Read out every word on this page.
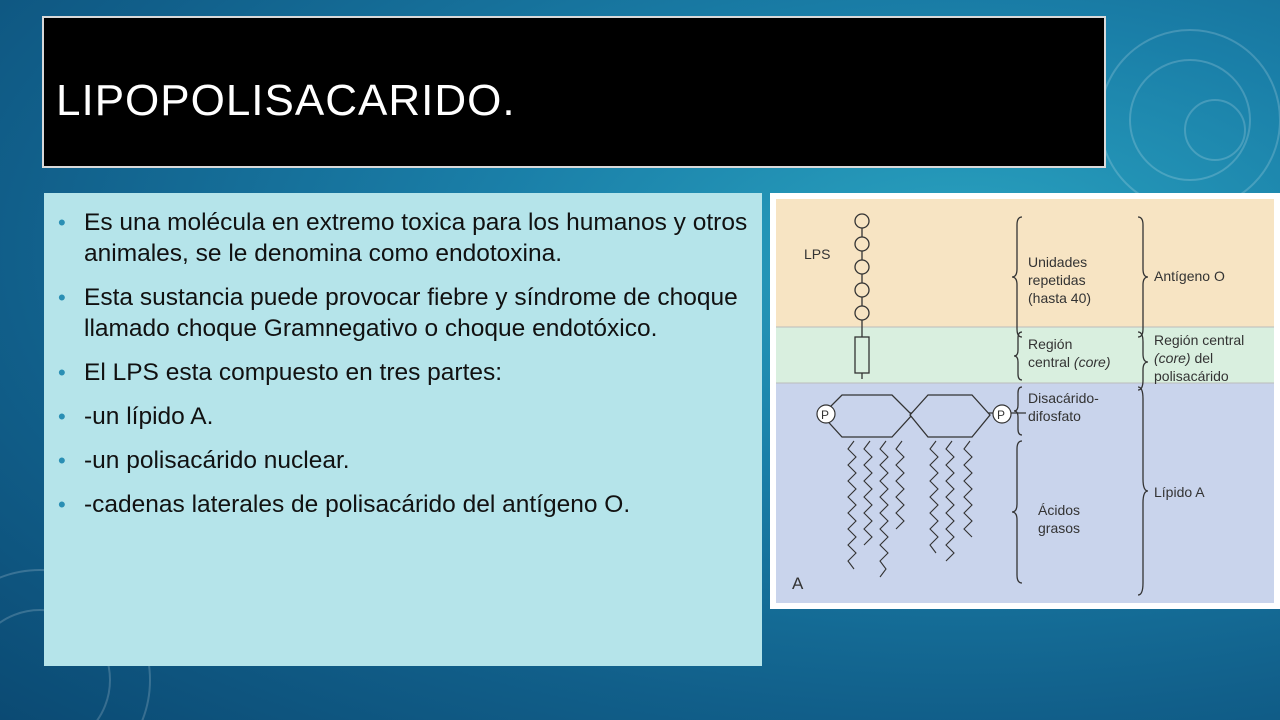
LIPOPOLISACARIDO.
• Es una molécula en extremo toxica para los humanos y otros animales, se le denomina como endotoxina.
• Esta sustancia puede provocar fiebre y síndrome de choque llamado choque Gramnegativo o choque endotóxico.
• El LPS esta compuesto en tres partes:
• -un lípido A.
• -un polisacárido nuclear.
• -cadenas laterales de polisacárido del antígeno O.
LPS
P	P
Unidades
repetidas
(hasta 40)
Región
central (core)
Disacárido-
difosfato
Ácidos
grasos
Antígeno O
Región central
(core) del
polisacárido
Lípido A
A
